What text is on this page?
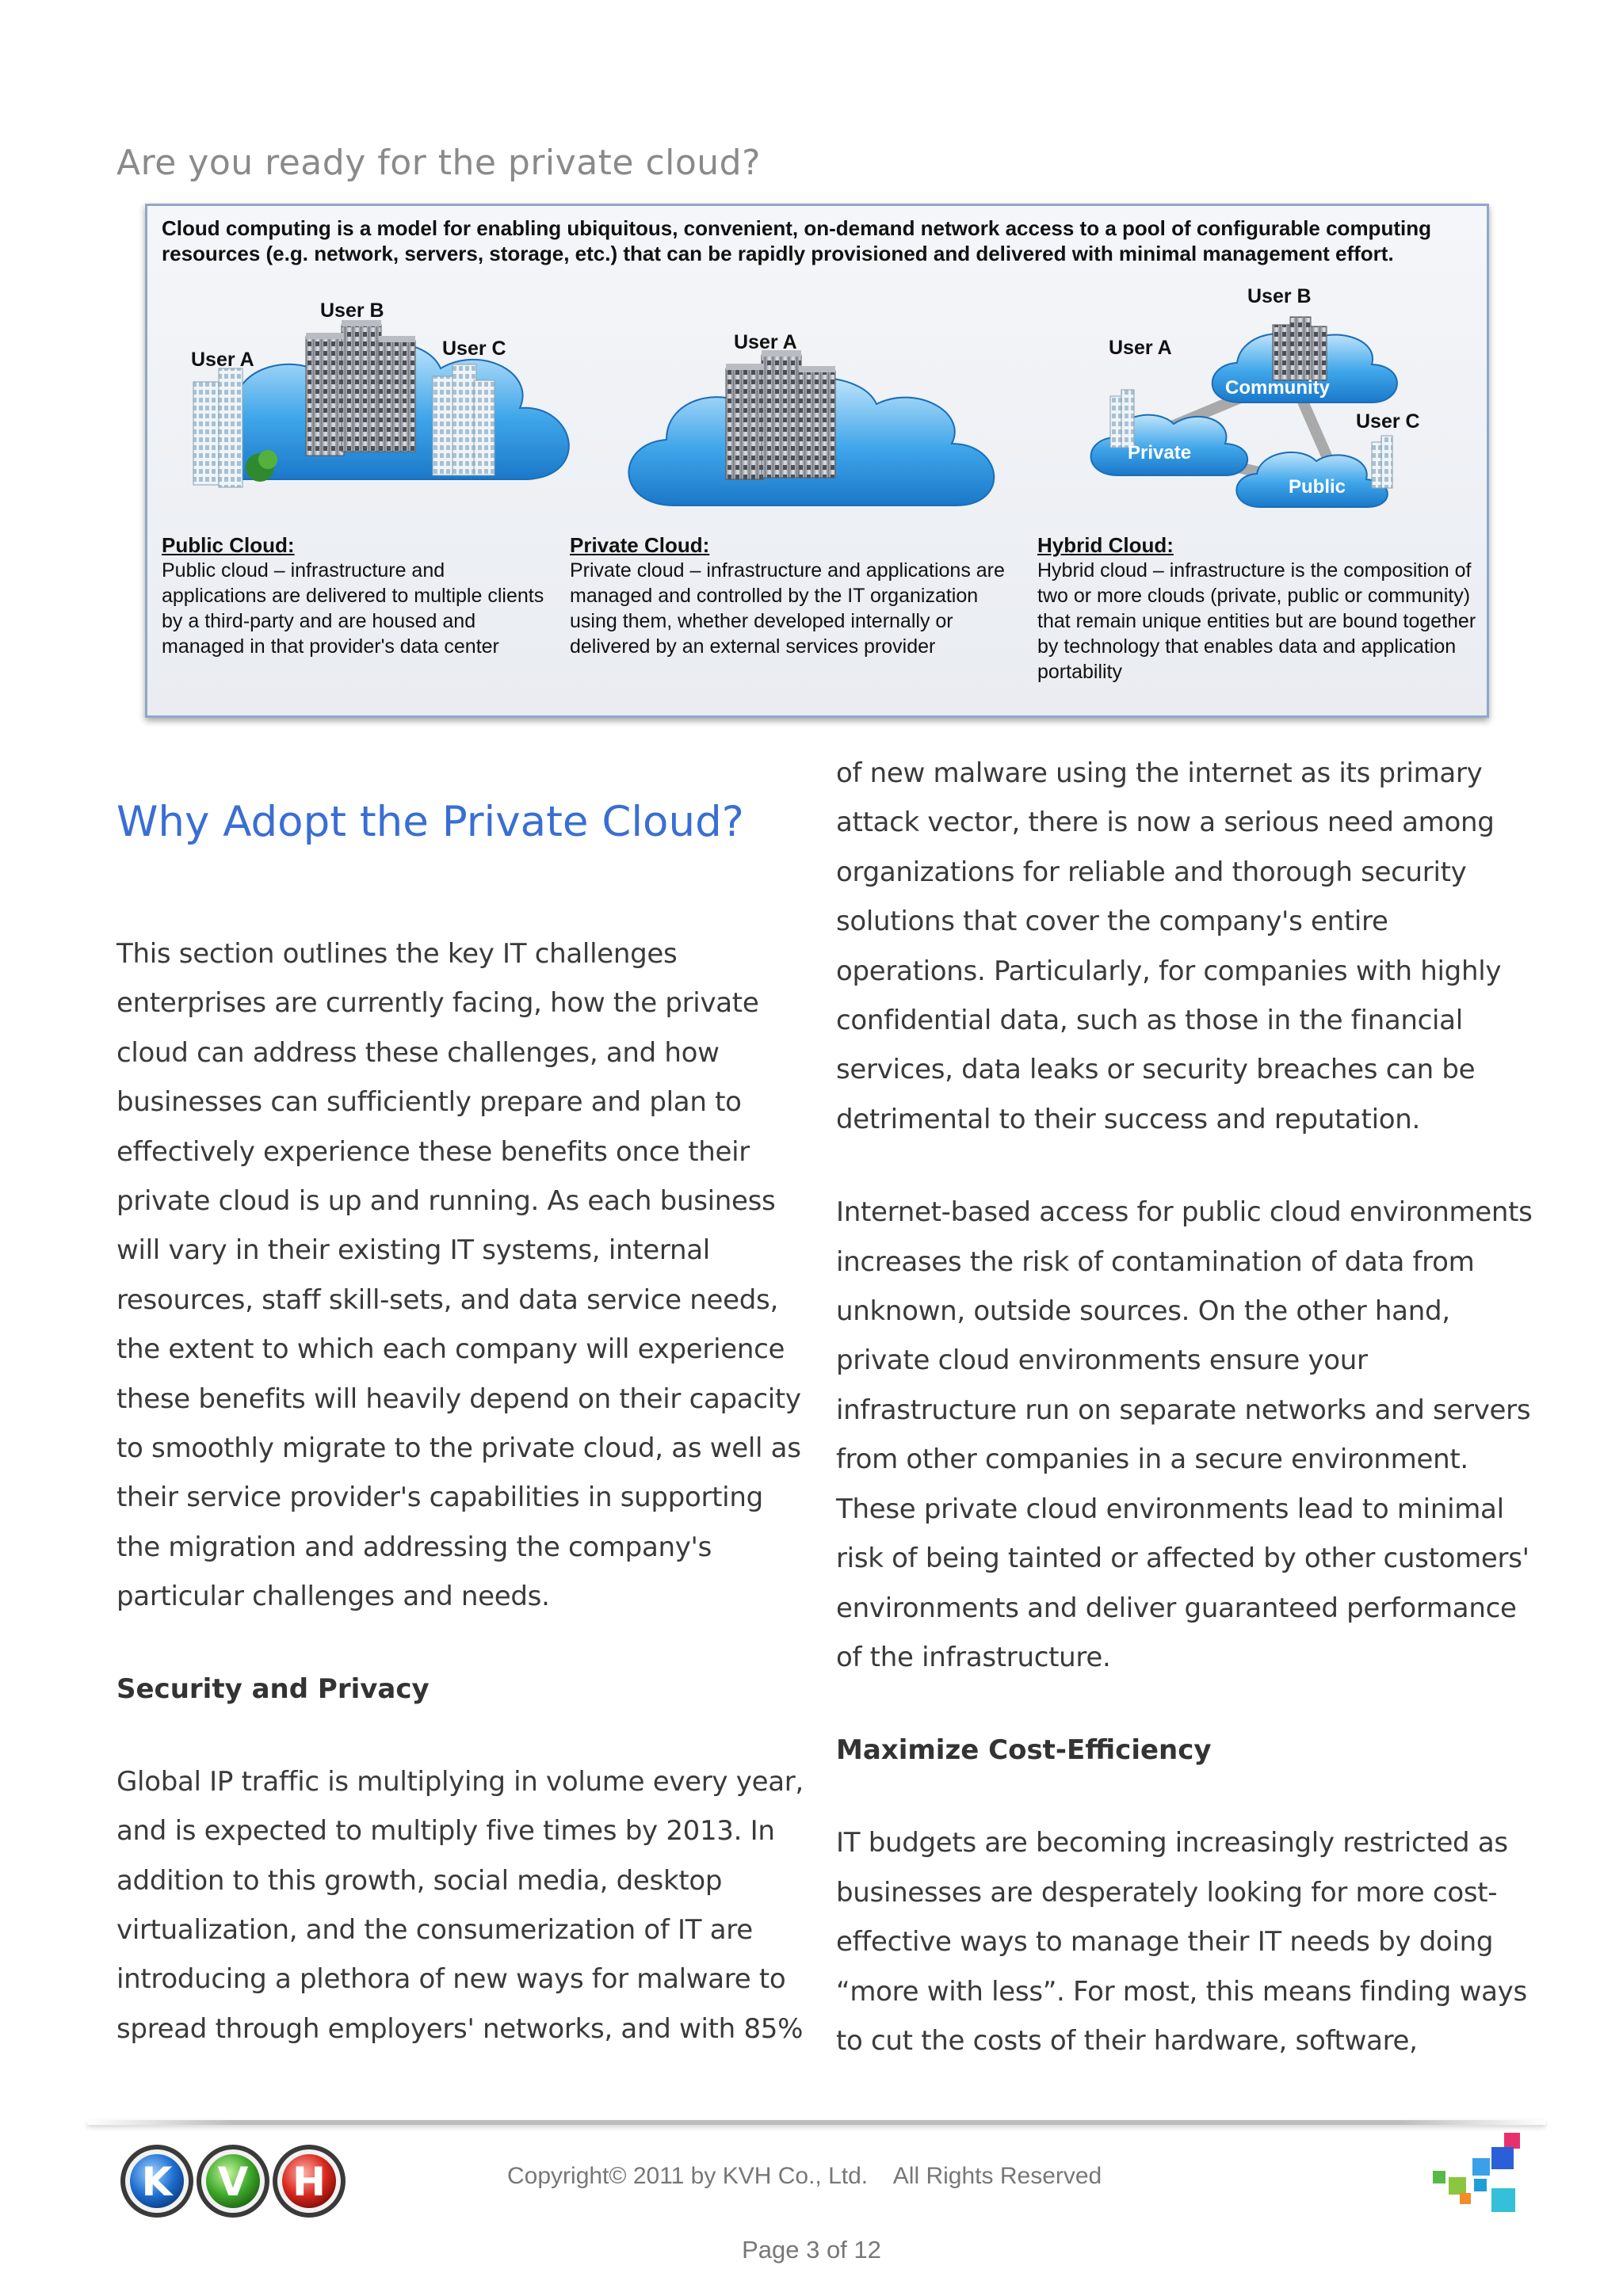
Are you ready for the private cloud?

Cloud computing is a model for enabling ubiquitous, convenient, on-demand network access to a pool of configurable computing resources (e.g. network, servers, storage, etc.) that can be rapidly provisioned and delivered with minimal management effort.

User A
User B
User C	User A	User A
User B
User C
Community
Private
Public
Public Cloud:

Public cloud – infrastructure and applications are delivered to multiple clients by a third-party and are housed and managed in that provider's data center

Private Cloud:

Private cloud – infrastructure and applications are managed and controlled by the IT organization using them, whether developed internally or delivered by an external services provider

Hybrid Cloud:

Hybrid cloud – infrastructure is the composition of two or more clouds (private, public or community) that remain unique entities but are bound together by technology that enables data and application portability

Why Adopt the Private Cloud?

This section outlines the key IT challenges enterprises are currently facing, how the private cloud can address these challenges, and how businesses can sufficiently prepare and plan to effectively experience these benefits once their private cloud is up and running. As each business will vary in their existing IT systems, internal resources, staff skill-sets, and data service needs, the extent to which each company will experience these benefits will heavily depend on their capacity to smoothly migrate to the private cloud, as well as their service provider's capabilities in supporting the migration and addressing the company's particular challenges and needs.

Security and Privacy

Global IP traffic is multiplying in volume every year, and is expected to multiply five times by 2013. In addition to this growth, social media, desktop virtualization, and the consumerization of IT are introducing a plethora of new ways for malware to spread through employers' networks, and with 85%

of new malware using the internet as its primary attack vector, there is now a serious need among organizations for reliable and thorough security solutions that cover the company's entire operations. Particularly, for companies with highly confidential data, such as those in the financial services, data leaks or security breaches can be detrimental to their success and reputation.

Internet-based access for public cloud environments increases the risk of contamination of data from unknown, outside sources. On the other hand, private cloud environments ensure your infrastructure run on separate networks and servers from other companies in a secure environment. These private cloud environments lead to minimal risk of being tainted or affected by other customers' environments and deliver guaranteed performance of the infrastructure.

Maximize Cost-Efficiency

IT budgets are becoming increasingly restricted as businesses are desperately looking for more cost-effective ways to manage their IT needs by doing “more with less”. For most, this means finding ways to cut the costs of their hardware, software,

K V H	Copyright© 2011 by KVH Co., Ltd.    All Rights Reserved
Page 3 of 12
